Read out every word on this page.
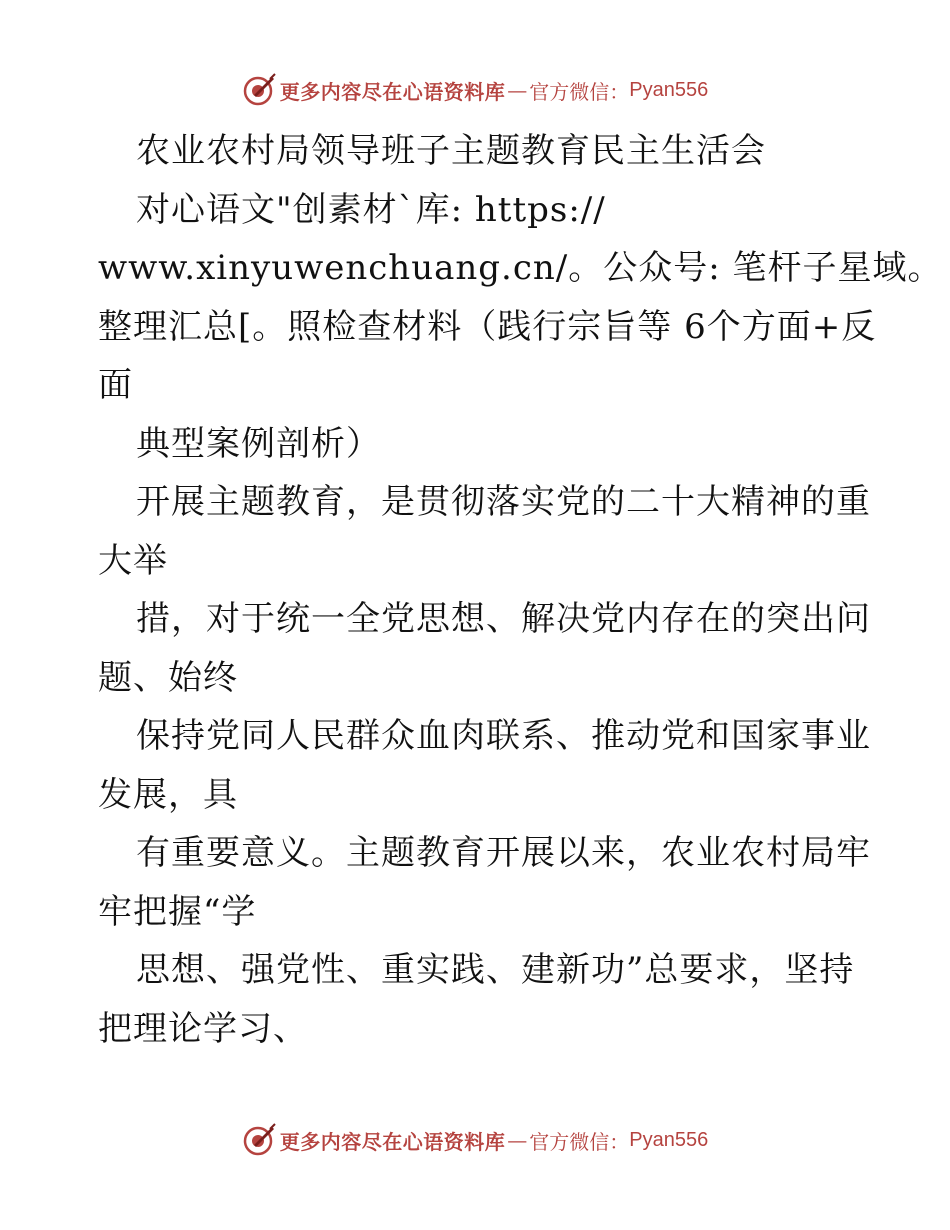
更多内容尽在心语资料库 — 官方微信： Pyan556
农业农村局领导班子主题教育民主生活会
对心语文"创素材`库: https://
www.xinyuwenchuang.cn/。公众号: 笔杆子星域。
整理汇总[。照检查材料（践行宗旨等 6个方面+反
面
典型案例剖析）
开展主题教育，是贯彻落实党的二十大精神的重
大举
措，对于统一全党思想、解决党内存在的突出问
题、始终
保持党同人民群众血肉联系、推动党和国家事业
发展，具
有重要意义。主题教育开展以来，农业农村局牢
牢把握“学
思想、强党性、重实践、建新功”总要求，坚持
把理论学习、
更多内容尽在心语资料库 — 官方微信： Pyan556
